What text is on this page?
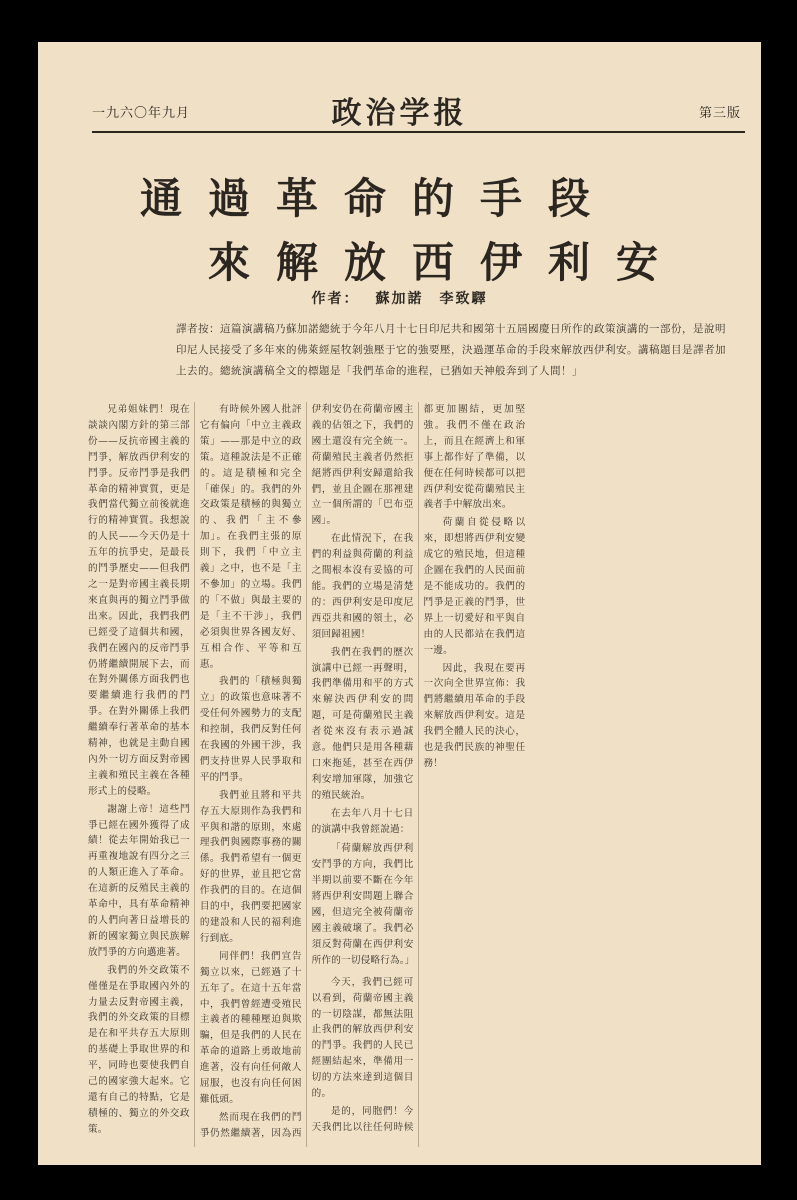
一九六〇年九月	政治学报	第三版
通過革命的手段
來解放西伊利安
作者： 蘇加諾 李致驛
譯者按：這篇演講稿乃蘇加諾總統于今年八月十七日印尼共和國第十五屆國慶日所作的政策演講的一部份，是說明印尼人民接受了多年來的佛萊經屋牧剝強壓于它的強要壓，決過運革命的手段來解放西伊利安。講稿題目是譯者加上去的。總統演講稿全文的標題是「我們革命的進程，已猶如天神般奔到了人間！」

兄弟姐妹們！現在談談內閣方針的第三部份——反抗帝國主義的鬥爭，解放西伊利安的鬥爭。反帝鬥爭是我們革命的精神實質，更是我們當代獨立前後就進行的精神實質。我想說的人民——今天仍是十五年的抗爭史，是最長的鬥爭歷史——但我們之一是對帝國主義長期來直與再的獨立鬥爭做出來。因此，我們我們已經受了這個共和國，我們在國內的反帝鬥爭仍將繼續開展下去，而在對外關係方面我們也要繼續進行我們的鬥爭。在對外關係上我們繼續奉行著革命的基本精神，也就是主動自國內外一切方面反對帝國主義和殖民主義在各種形式上的侵略。

謝謝上帝！這些鬥爭已經在國外獲得了成績！從去年開始我已一再重複地說有四分之三的人類正進入了革命。在這新的反殖民主義的革命中，具有革命精神的人們向著日益增長的新的國家獨立與民族解放鬥爭的方向邁進著。

我們的外交政策不僅僅是在爭取國內外的力量去反對帝國主義，我們的外交政策的目標是在和平共存五大原則的基礎上爭取世界的和平，同時也要使我們自己的國家強大起來。它還有自己的特點，它是積極的、獨立的外交政策。

有時候外國人批評它有偏向「中立主義政策」——那是中立的政策。這種說法是不正確的。這是積極和完全「確保」的。我們的外交政策是積極的與獨立的、我們「主不參加」。在我們主張的原則下，我們「中立主義」之中，也不是「主不參加」的立場。我們的「不做」與最主要的是「主不干涉」，我們必須與世界各國友好、互相合作、平等和互惠。

我們的「積極與獨立」的政策也意味著不受任何外國勢力的支配和控制，我們反對任何在我國的外國干涉，我們支持世界人民爭取和平的鬥爭。

我們並且將和平共存五大原則作為我們和平與和諧的原則，來處理我們與國際事務的關係。我們希望有一個更好的世界，並且把它當作我們的目的。在這個目的中，我們要把國家的建設和人民的福利進行到底。

同伴們！我們宣告獨立以來，已經過了十五年了。在這十五年當中，我們曾經遭受殖民主義者的種種壓迫與欺騙，但是我們的人民在革命的道路上勇敢地前進著，沒有向任何敵人屈服，也沒有向任何困難低頭。

然而現在我們的鬥爭仍然繼續著，因為西伊利安仍在荷蘭帝國主義的佔領之下，我們的國土還沒有完全統一。荷蘭殖民主義者仍然拒絕將西伊利安歸還給我們，並且企圖在那裡建立一個所謂的「巴布亞國」。

在此情況下，在我們的利益與荷蘭的利益之間根本沒有妥協的可能。我們的立場是清楚的：西伊利安是印度尼西亞共和國的領土，必須回歸祖國！

我們在我們的歷次演講中已經一再聲明，我們準備用和平的方式來解決西伊利安的問題，可是荷蘭殖民主義者從來沒有表示過誠意。他們只是用各種藉口來拖延，甚至在西伊利安增加軍隊，加強它的殖民統治。

在去年八月十七日的演講中我曾經說過：

「荷蘭解放西伊利安鬥爭的方向，我們比半期以前要不斷在今年將西伊利安問題上聯合國，但這完全被荷蘭帝國主義破壞了。我們必須反對荷蘭在西伊利安所作的一切侵略行為。」

今天，我們已經可以看到，荷蘭帝國主義的一切陰謀，都無法阻止我們的解放西伊利安的鬥爭。我們的人民已經團結起來，準備用一切的方法來達到這個目的。

是的，同胞們！今天我們比以往任何時候都更加團結，更加堅強。我們不僅在政治上，而且在經濟上和軍事上都作好了準備，以便在任何時候都可以把西伊利安從荷蘭殖民主義者手中解放出來。

荷蘭自從侵略以來，即想將西伊利安變成它的殖民地，但這種企圖在我們的人民面前是不能成功的。我們的鬥爭是正義的鬥爭，世界上一切愛好和平與自由的人民都站在我們這一邊。

因此，我現在要再一次向全世界宣佈：我們將繼續用革命的手段來解放西伊利安。這是我們全體人民的決心，也是我們民族的神聖任務！
